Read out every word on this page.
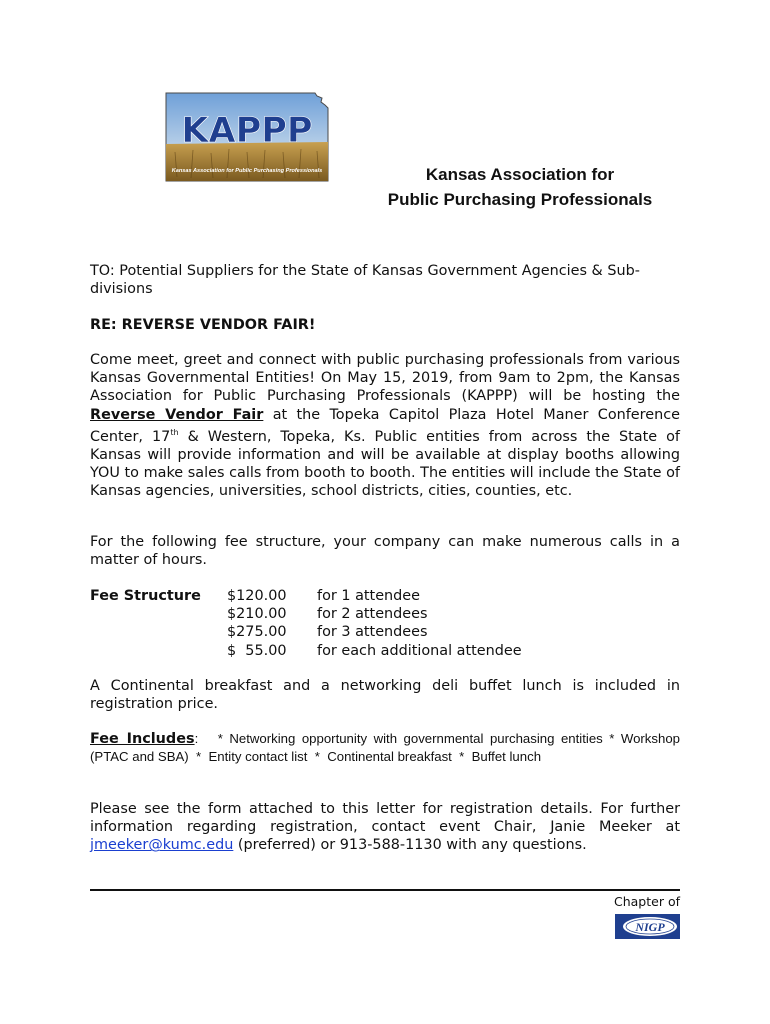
KAPPP
Kansas Association for Public Purchasing Professionals	Kansas Association for
Public Purchasing Professionals
TO: Potential Suppliers for the State of Kansas Government Agencies & Sub-divisions
RE: REVERSE VENDOR FAIR!
Come meet, greet and connect with public purchasing professionals from various Kansas Governmental Entities! On May 15, 2019, from 9am to 2pm, the Kansas Association for Public Purchasing Professionals (KAPPP) will be hosting the Reverse Vendor Fair at the Topeka Capitol Plaza Hotel Maner Conference Center, 17th & Western, Topeka, Ks. Public entities from across the State of Kansas will provide information and will be available at display booths allowing YOU to make sales calls from booth to booth. The entities will include the State of Kansas agencies, universities, school districts, cities, counties, etc.
For the following fee structure, your company can make numerous calls in a matter of hours.
Fee Structure $120.00 for 1 attendee
$210.00 for 2 attendees
$275.00 for 3 attendees
$  55.00 for each additional attendee
A Continental breakfast and a networking deli buffet lunch is included in registration price.
Fee Includes:   * Networking opportunity with governmental purchasing entities * Workshop (PTAC and SBA)  *  Entity contact list  *  Continental breakfast  *  Buffet lunch
Please see the form attached to this letter for registration details. For further information regarding registration, contact event Chair, Janie Meeker at jmeeker@kumc.edu (preferred) or 913-588-1130 with any questions.
Chapter of
NIGP
